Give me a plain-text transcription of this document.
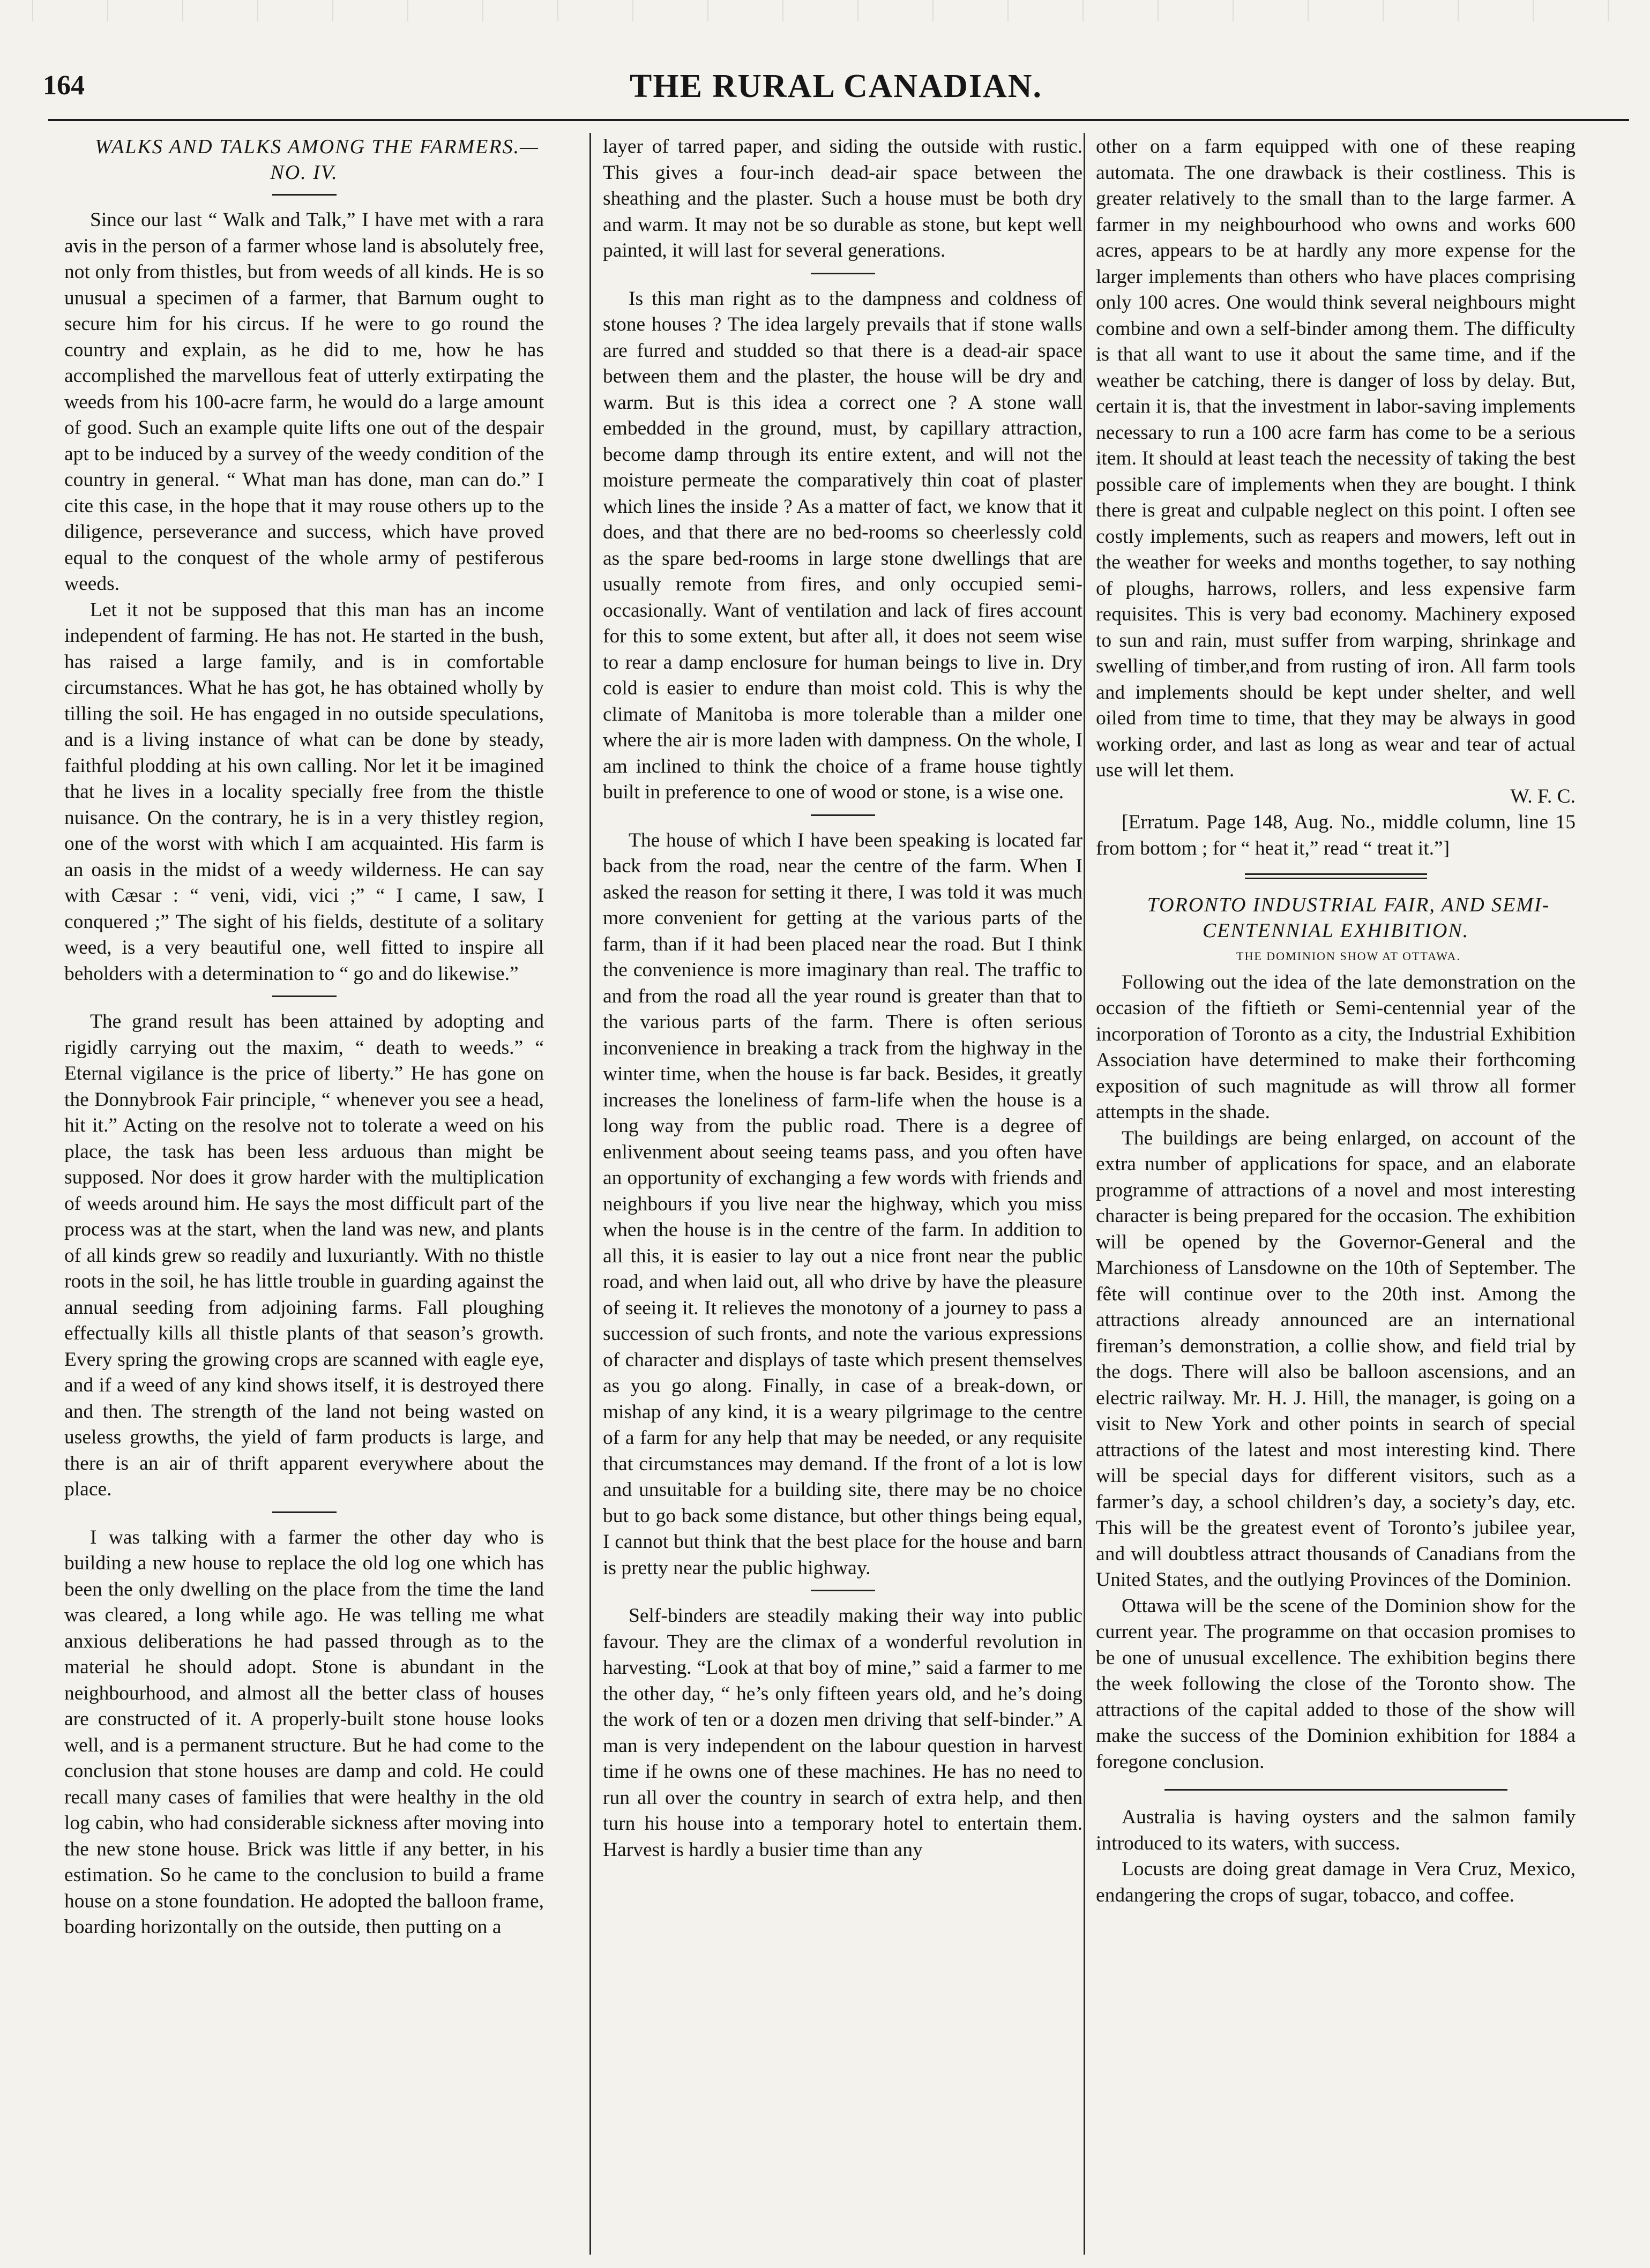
164	THE RURAL CANADIAN.

WALKS AND TALKS AMONG THE FARMERS.—NO. IV.

Since our last “ Walk and Talk,” I have met with a rara avis in the person of a farmer whose land is absolutely free, not only from thistles, but from weeds of all kinds. He is so unusual a specimen of a farmer, that Barnum ought to secure him for his circus. If he were to go round the country and explain, as he did to me, how he has accomplished the marvellous feat of utterly extirpating the weeds from his 100-acre farm, he would do a large amount of good. Such an example quite lifts one out of the despair apt to be induced by a survey of the weedy condition of the country in general. “ What man has done, man can do.” I cite this case, in the hope that it may rouse others up to the diligence, perseverance and success, which have proved equal to the conquest of the whole army of pestiferous weeds.

Let it not be supposed that this man has an income independent of farming. He has not. He started in the bush, has raised a large family, and is in comfortable circumstances. What he has got, he has obtained wholly by tilling the soil. He has engaged in no outside speculations, and is a living instance of what can be done by steady, faithful plodding at his own calling. Nor let it be imagined that he lives in a locality specially free from the thistle nuisance. On the contrary, he is in a very thistley region, one of the worst with which I am acquainted. His farm is an oasis in the midst of a weedy wilderness. He can say with Cæsar : “ veni, vidi, vici ;” “ I came, I saw, I conquered ;” The sight of his fields, destitute of a solitary weed, is a very beautiful one, well fitted to inspire all beholders with a determination to “ go and do likewise.”

The grand result has been attained by adopting and rigidly carrying out the maxim, “ death to weeds.” “ Eternal vigilance is the price of liberty.” He has gone on the Donnybrook Fair principle, “ whenever you see a head, hit it.” Acting on the resolve not to tolerate a weed on his place, the task has been less arduous than might be supposed. Nor does it grow harder with the multiplication of weeds around him. He says the most difficult part of the process was at the start, when the land was new, and plants of all kinds grew so readily and luxuriantly. With no thistle roots in the soil, he has little trouble in guarding against the annual seeding from adjoining farms. Fall ploughing effectually kills all thistle plants of that season’s growth. Every spring the growing crops are scanned with eagle eye, and if a weed of any kind shows itself, it is destroyed there and then. The strength of the land not being wasted on useless growths, the yield of farm products is large, and there is an air of thrift apparent everywhere about the place.

I was talking with a farmer the other day who is building a new house to replace the old log one which has been the only dwelling on the place from the time the land was cleared, a long while ago. He was telling me what anxious deliberations he had passed through as to the material he should adopt. Stone is abundant in the neighbourhood, and almost all the better class of houses are constructed of it. A properly-built stone house looks well, and is a permanent structure. But he had come to the conclusion that stone houses are damp and cold. He could recall many cases of families that were healthy in the old log cabin, who had considerable sickness after moving into the new stone house. Brick was little if any better, in his estimation. So he came to the conclusion to build a frame house on a stone foundation. He adopted the balloon frame, boarding horizontally on the outside, then putting on a

layer of tarred paper, and siding the outside with rustic. This gives a four-inch dead-air space between the sheathing and the plaster. Such a house must be both dry and warm. It may not be so durable as stone, but kept well painted, it will last for several generations.

Is this man right as to the dampness and coldness of stone houses ? The idea largely prevails that if stone walls are furred and studded so that there is a dead-air space between them and the plaster, the house will be dry and warm. But is this idea a correct one ? A stone wall embedded in the ground, must, by capillary attraction, become damp through its entire extent, and will not the moisture permeate the comparatively thin coat of plaster which lines the inside ? As a matter of fact, we know that it does, and that there are no bed-rooms so cheerlessly cold as the spare bed-rooms in large stone dwellings that are usually remote from fires, and only occupied semi-occasionally. Want of ventilation and lack of fires account for this to some extent, but after all, it does not seem wise to rear a damp enclosure for human beings to live in. Dry cold is easier to endure than moist cold. This is why the climate of Manitoba is more tolerable than a milder one where the air is more laden with dampness. On the whole, I am inclined to think the choice of a frame house tightly built in preference to one of wood or stone, is a wise one.

The house of which I have been speaking is located far back from the road, near the centre of the farm. When I asked the reason for setting it there, I was told it was much more convenient for getting at the various parts of the farm, than if it had been placed near the road. But I think the convenience is more imaginary than real. The traffic to and from the road all the year round is greater than that to the various parts of the farm. There is often serious inconvenience in breaking a track from the highway in the winter time, when the house is far back. Besides, it greatly increases the loneliness of farm-life when the house is a long way from the public road. There is a degree of enlivenment about seeing teams pass, and you often have an opportunity of exchanging a few words with friends and neighbours if you live near the highway, which you miss when the house is in the centre of the farm. In addition to all this, it is easier to lay out a nice front near the public road, and when laid out, all who drive by have the pleasure of seeing it. It relieves the monotony of a journey to pass a succession of such fronts, and note the various expressions of character and displays of taste which present themselves as you go along. Finally, in case of a break-down, or mishap of any kind, it is a weary pilgrimage to the centre of a farm for any help that may be needed, or any requisite that circumstances may demand. If the front of a lot is low and unsuitable for a building site, there may be no choice but to go back some distance, but other things being equal, I cannot but think that the best place for the house and barn is pretty near the public highway.

Self-binders are steadily making their way into public favour. They are the climax of a wonderful revolution in harvesting. “Look at that boy of mine,” said a farmer to me the other day, “ he’s only fifteen years old, and he’s doing the work of ten or a dozen men driving that self-binder.” A man is very independent on the labour question in harvest time if he owns one of these machines. He has no need to run all over the country in search of extra help, and then turn his house into a temporary hotel to entertain them. Harvest is hardly a busier time than any

other on a farm equipped with one of these reaping automata. The one drawback is their costliness. This is greater relatively to the small than to the large farmer. A farmer in my neighbourhood who owns and works 600 acres, appears to be at hardly any more expense for the larger implements than others who have places comprising only 100 acres. One would think several neighbours might combine and own a self-binder among them. The difficulty is that all want to use it about the same time, and if the weather be catching, there is danger of loss by delay. But, certain it is, that the investment in labor-saving implements necessary to run a 100 acre farm has come to be a serious item. It should at least teach the necessity of taking the best possible care of implements when they are bought. I think there is great and culpable neglect on this point. I often see costly implements, such as reapers and mowers, left out in the weather for weeks and months together, to say nothing of ploughs, harrows, rollers, and less expensive farm requisites. This is very bad economy. Machinery exposed to sun and rain, must suffer from warping, shrinkage and swelling of timber,and from rusting of iron. All farm tools and implements should be kept under shelter, and well oiled from time to time, that they may be always in good working order, and last as long as wear and tear of actual use will let them.

W. F. C.

[Erratum. Page 148, Aug. No., middle column, line 15 from bottom ; for “ heat it,” read “ treat it.”]

TORONTO INDUSTRIAL FAIR, AND SEMI-CENTENNIAL EXHIBITION.

THE DOMINION SHOW AT OTTAWA.

Following out the idea of the late demonstration on the occasion of the fiftieth or Semi-centennial year of the incorporation of Toronto as a city, the Industrial Exhibition Association have determined to make their forthcoming exposition of such magnitude as will throw all former attempts in the shade.

The buildings are being enlarged, on account of the extra number of applications for space, and an elaborate programme of attractions of a novel and most interesting character is being prepared for the occasion. The exhibition will be opened by the Governor-General and the Marchioness of Lansdowne on the 10th of September. The fête will continue over to the 20th inst. Among the attractions already announced are an international fireman’s demonstration, a collie show, and field trial by the dogs. There will also be balloon ascensions, and an electric railway. Mr. H. J. Hill, the manager, is going on a visit to New York and other points in search of special attractions of the latest and most interesting kind. There will be special days for different visitors, such as a farmer’s day, a school children’s day, a society’s day, etc. This will be the greatest event of Toronto’s jubilee year, and will doubtless attract thousands of Canadians from the United States, and the outlying Provinces of the Dominion.

Ottawa will be the scene of the Dominion show for the current year. The programme on that occasion promises to be one of unusual excellence. The exhibition begins there the week following the close of the Toronto show. The attractions of the capital added to those of the show will make the success of the Dominion exhibition for 1884 a foregone conclusion.

Australia is having oysters and the salmon family introduced to its waters, with success.

Locusts are doing great damage in Vera Cruz, Mexico, endangering the crops of sugar, tobacco, and coffee.
